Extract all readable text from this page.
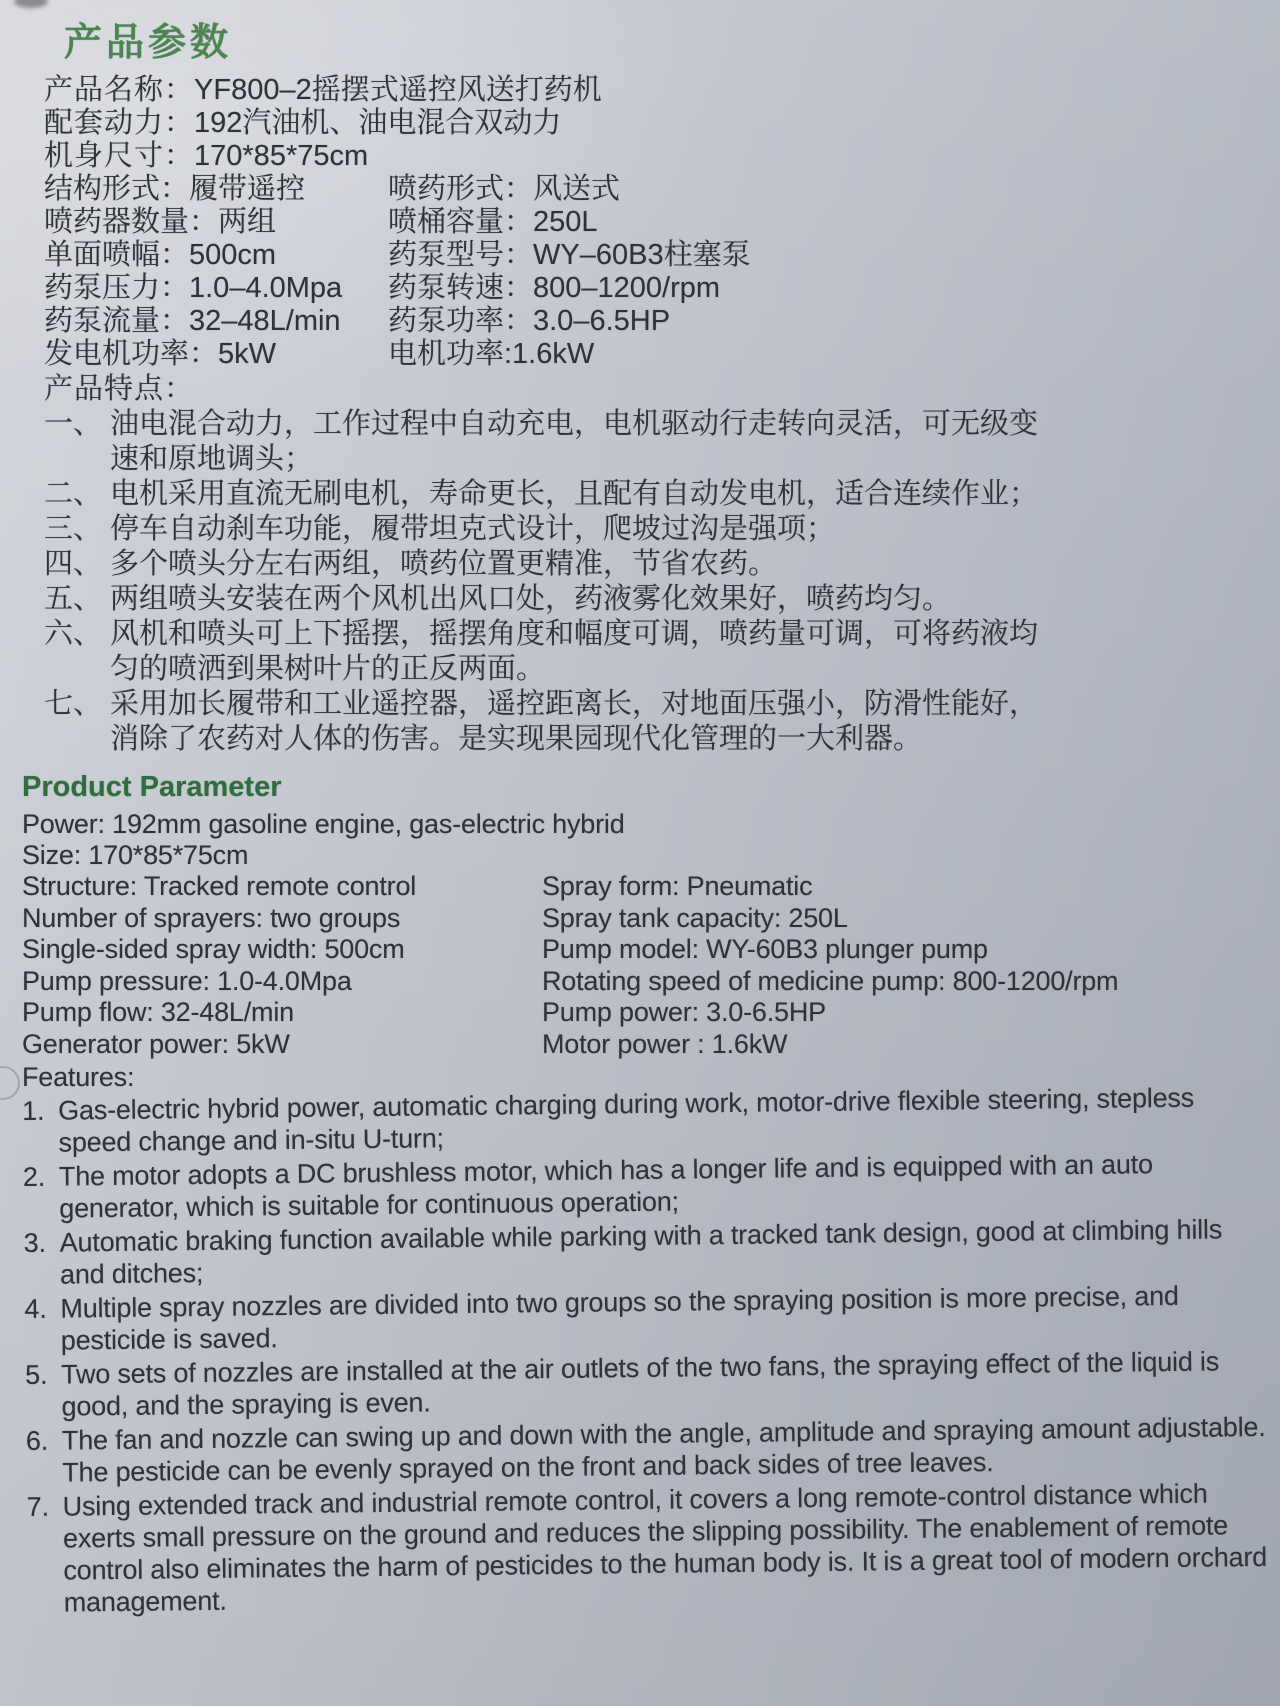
产品参数
产品名称：YF800–2摇摆式遥控风送打药机
配套动力：192汽油机、油电混合双动力
机身尺寸：170*85*75cm
结构形式：履带遥控	喷药形式：风送式
喷药器数量：两组	喷桶容量：250L
单面喷幅：500cm	药泵型号：WY–60B3柱塞泵
药泵压力：1.0–4.0Mpa	药泵转速：800–1200/rpm
药泵流量：32–48L/min	药泵功率：3.0–6.5HP
发电机功率：5kW	电机功率:1.6kW
产品特点：
一、 油电混合动力，工作过程中自动充电，电机驱动行走转向灵活，可无级变速和原地调头；
二、 电机采用直流无刷电机，寿命更长，且配有自动发电机，适合连续作业；
三、 停车自动刹车功能，履带坦克式设计，爬坡过沟是强项；
四、 多个喷头分左右两组，喷药位置更精准，节省农药。
五、 两组喷头安装在两个风机出风口处，药液雾化效果好，喷药均匀。
六、 风机和喷头可上下摇摆，摇摆角度和幅度可调，喷药量可调，可将药液均匀的喷洒到果树叶片的正反两面。
七、 采用加长履带和工业遥控器，遥控距离长，对地面压强小，防滑性能好，消除了农药对人体的伤害。是实现果园现代化管理的一大利器。
Product Parameter
Power: 192mm gasoline engine, gas-electric hybrid
Size: 170*85*75cm
Structure: Tracked remote control	Spray form: Pneumatic
Number of sprayers: two groups	Spray tank capacity: 250L
Single-sided spray width: 500cm	Pump model: WY-60B3 plunger pump
Pump pressure: 1.0-4.0Mpa	Rotating speed of medicine pump: 800-1200/rpm
Pump flow: 32-48L/min	Pump power: 3.0-6.5HP
Generator power: 5kW	Motor power : 1.6kW
Features:
1. Gas-electric hybrid power, automatic charging during work, motor-drive flexible steering, stepless speed change and in-situ U-turn;
2. The motor adopts a DC brushless motor, which has a longer life and is equipped with an auto generator, which is suitable for continuous operation;
3. Automatic braking function available while parking with a tracked tank design, good at climbing hills and ditches;
4. Multiple spray nozzles are divided into two groups so the spraying position is more precise, and pesticide is saved.
5. Two sets of nozzles are installed at the air outlets of the two fans, the spraying effect of the liquid is good, and the spraying is even.
6. The fan and nozzle can swing up and down with the angle, amplitude and spraying amount adjustable. The pesticide can be evenly sprayed on the front and back sides of tree leaves.
7. Using extended track and industrial remote control, it covers a long remote-control distance which exerts small pressure on the ground and reduces the slipping possibility. The enablement of remote control also eliminates the harm of pesticides to the human body is. It is a great tool of modern orchard management.
